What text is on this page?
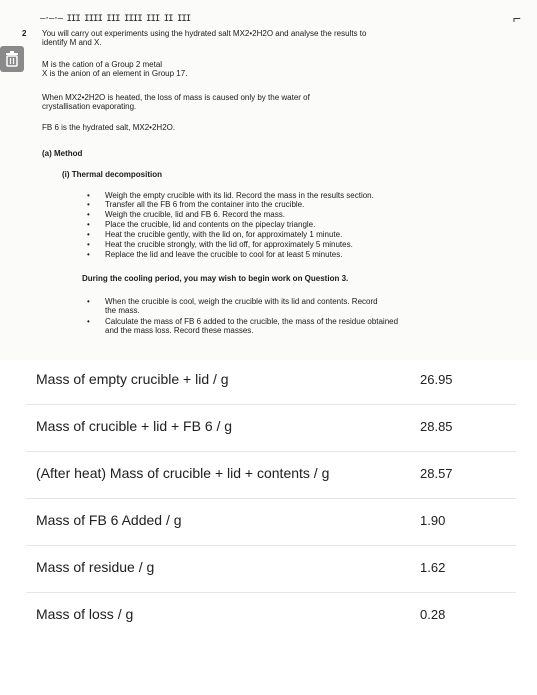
—·—·— III IIII III IIII III II III	⌐
2 You will carry out experiments using the hydrated salt MX2•2H2O and analyse the results to
identify M and X.
M is the cation of a Group 2 metal
X is the anion of an element in Group 17.
When MX2•2H2O is heated, the loss of mass is caused only by the water of
crystallisation evaporating.
FB 6 is the hydrated salt, MX2•2H2O.
(a) Method
(i) Thermal decomposition
• Weigh the empty crucible with its lid. Record the mass in the results section.
• Transfer all the FB 6 from the container into the crucible.
• Weigh the crucible, lid and FB 6. Record the mass.
• Place the crucible, lid and contents on the pipeclay triangle.
• Heat the crucible gently, with the lid on, for approximately 1 minute.
• Heat the crucible strongly, with the lid off, for approximately 5 minutes.
• Replace the lid and leave the crucible to cool for at least 5 minutes.
During the cooling period, you may wish to begin work on Question 3.
• When the crucible is cool, weigh the crucible with its lid and contents. Record
the mass.
• Calculate the mass of FB 6 added to the crucible, the mass of the residue obtained
and the mass loss. Record these masses.
Mass of empty crucible + lid / g	26.95
Mass of crucible + lid + FB 6 / g	28.85
(After heat) Mass of crucible + lid + contents / g	28.57
Mass of FB 6 Added / g	1.90
Mass of residue / g	1.62
Mass of loss / g	0.28
